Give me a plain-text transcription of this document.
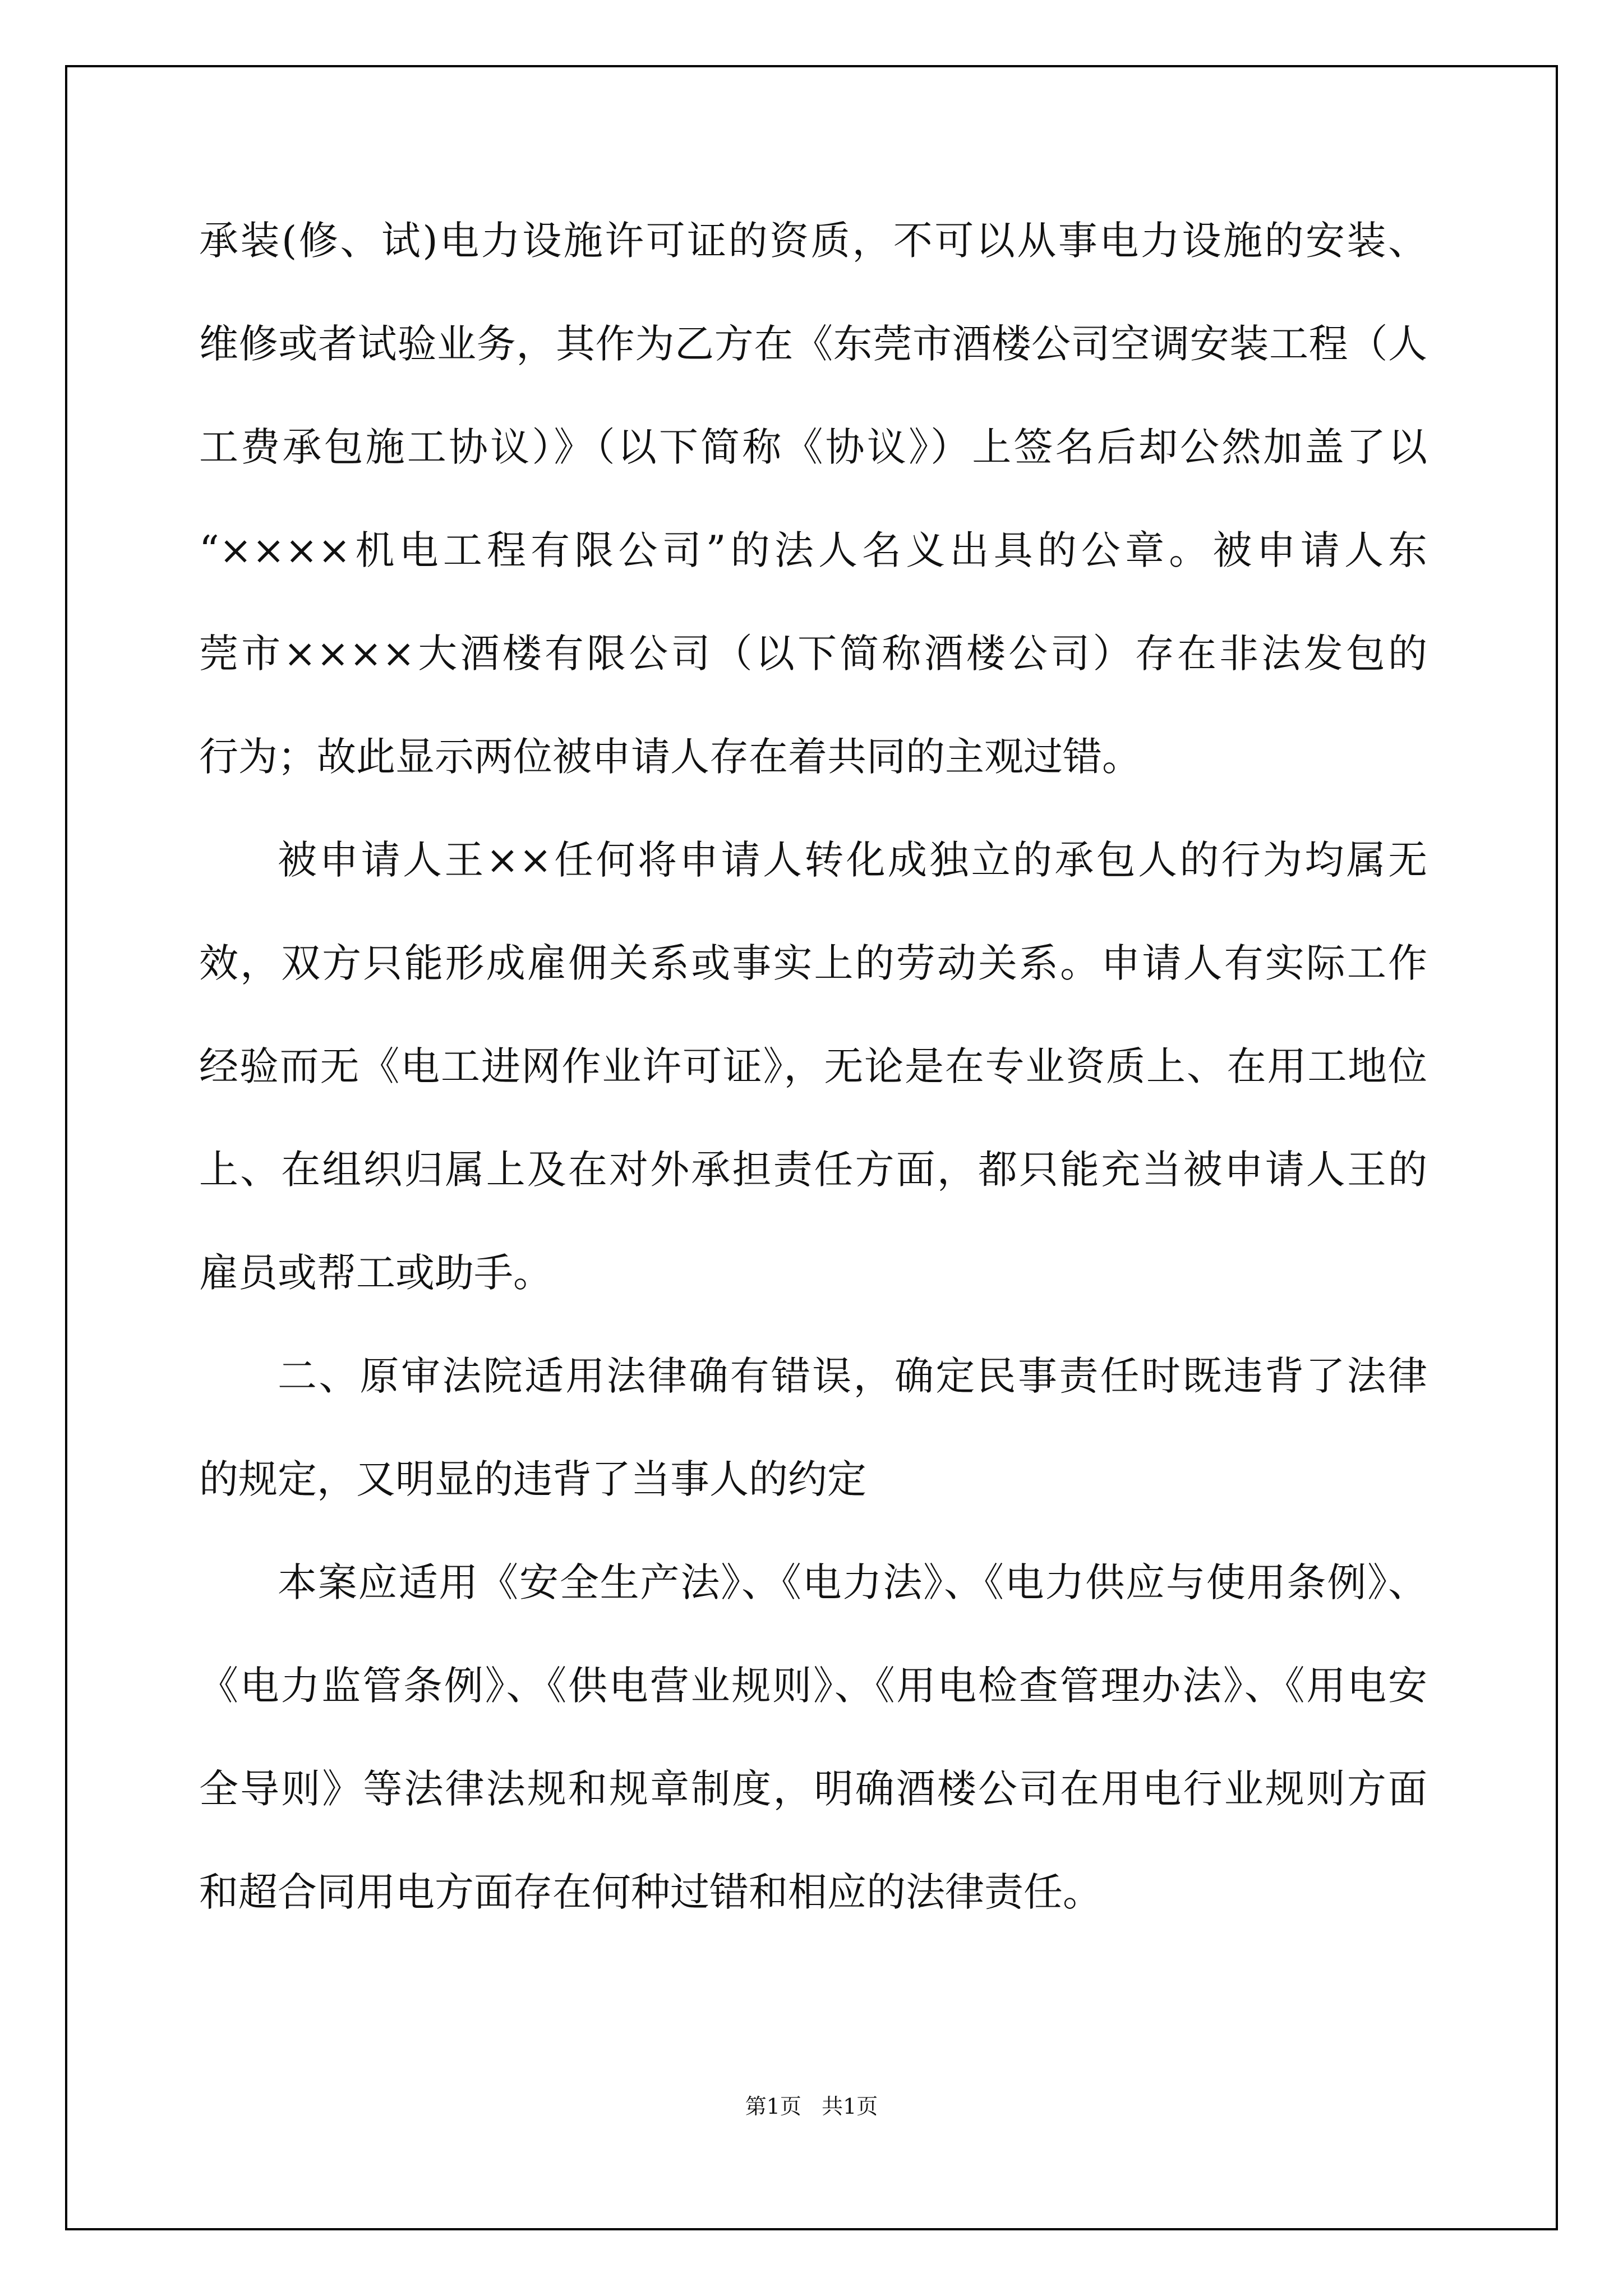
承装(修、试)电力设施许可证的资质，不可以从事电力设施的安装、

维修或者试验业务，其作为乙方在《东莞市酒楼公司空调安装工程（人

工费承包施工协议）》（以下简称《协议》）上签名后却公然加盖了以

“××××机电工程有限公司”的法人名义出具的公章。被申请人东

莞市××××大酒楼有限公司（以下简称酒楼公司）存在非法发包的

行为；故此显示两位被申请人存在着共同的主观过错。

被申请人王××任何将申请人转化成独立的承包人的行为均属无

效，双方只能形成雇佣关系或事实上的劳动关系。申请人有实际工作

经验而无《电工进网作业许可证》，无论是在专业资质上、在用工地位

上、在组织归属上及在对外承担责任方面，都只能充当被申请人王的

雇员或帮工或助手。

二、原审法院适用法律确有错误，确定民事责任时既违背了法律

的规定，又明显的违背了当事人的约定

本案应适用《安全生产法》、《电力法》、《电力供应与使用条例》、

《电力监管条例》、《供电营业规则》、《用电检查管理办法》、《用电安

全导则》等法律法规和规章制度，明确酒楼公司在用电行业规则方面

和超合同用电方面存在何种过错和相应的法律责任。

第1页   共1页
